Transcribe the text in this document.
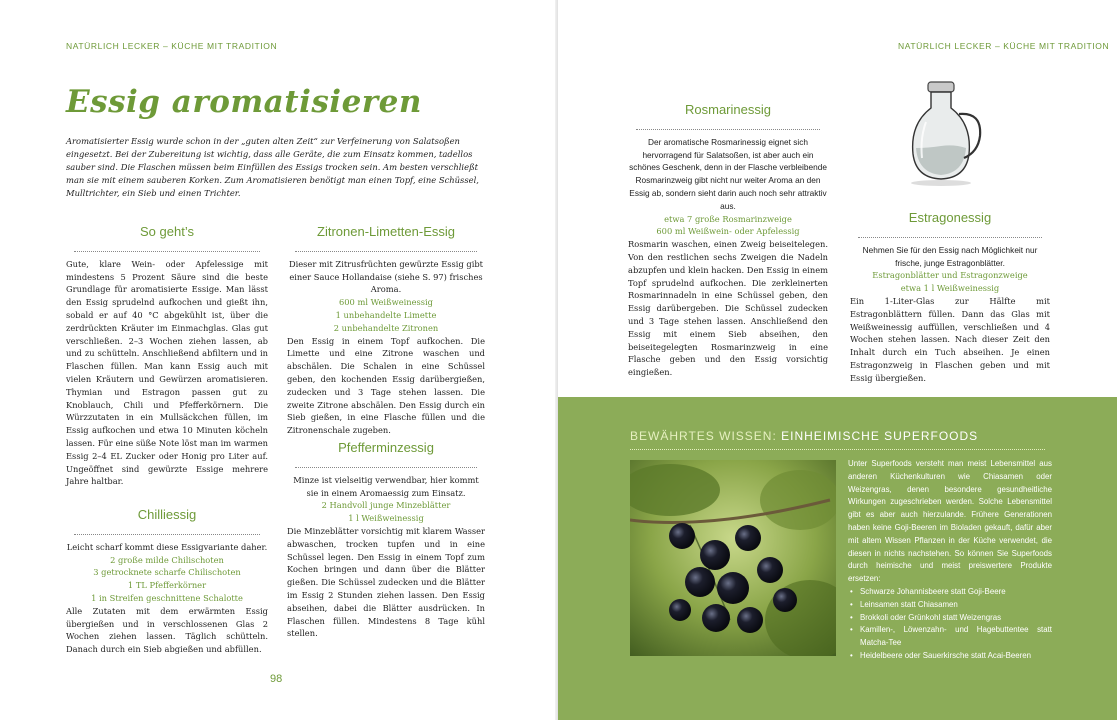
NATÜRLICH LECKER – KÜCHE MIT TRADITION
Essig aromatisieren

Aromatisierter Essig wurde schon in der „guten alten Zeit“ zur Verfeinerung von Salatsoßen eingesetzt. Bei der Zubereitung ist wichtig, dass alle Geräte, die zum Einsatz kommen, tadellos sauber sind. Die Flaschen müssen beim Einfüllen des Essigs trocken sein. Am besten verschließt man sie mit einem sauberen Korken. Zum Aromatisieren benötigt man einen Topf, eine Schüssel, Mulltrichter, ein Sieb und einen Trichter.

So geht’s

Gute, klare Wein- oder Apfelessige mit mindestens 5 Prozent Säure sind die beste Grundlage für aromatisierte Essige. Man lässt den Essig sprudelnd aufkochen und gießt ihn, sobald er auf 40 °C abgekühlt ist, über die zerdrückten Kräuter im Einmachglas. Glas gut verschließen. 2–3 Wochen ziehen lassen, ab und zu schütteln. Anschließend abfiltern und in Flaschen füllen. Man kann Essig auch mit vielen Kräutern und Gewürzen aromatisieren. Thymian und Estragon passen gut zu Knoblauch, Chili und Pfefferkörnern. Die Würzzutaten in ein Mullsäckchen füllen, im Essig aufkochen und etwa 10 Minuten köcheln lassen. Für eine süße Note löst man im warmen Essig 2–4 EL Zucker oder Honig pro Liter auf. Ungeöffnet sind gewürzte Essige mehrere Jahre haltbar.

Chilliessig

Leicht scharf kommt diese Essigvariante daher.

2 große milde Chilischoten
3 getrocknete scharfe Chilischoten
1 TL Pfefferkörner
1 in Streifen geschnittene Schalotte

Alle Zutaten mit dem erwärmten Essig übergießen und in verschlossenen Glas 2 Wochen ziehen lassen. Täglich schütteln. Danach durch ein Sieb abgießen und abfüllen.

Zitronen-Limetten-Essig

Dieser mit Zitrusfrüchten gewürzte Essig gibt einer Sauce Hollandaise (siehe S. 97) frisches Aroma.

600 ml Weißweinessig
1 unbehandelte Limette
2 unbehandelte Zitronen

Den Essig in einem Topf aufkochen. Die Limette und eine Zitrone waschen und abschälen. Die Schalen in eine Schüssel geben, den kochenden Essig darübergießen, zudecken und 3 Tage stehen lassen. Die zweite Zitrone abschälen. Den Essig durch ein Sieb gießen, in eine Flasche füllen und die Zitronenschale zugeben.

Pfefferminzessig

Minze ist vielseitig verwendbar, hier kommt sie in einem Aromaessig zum Einsatz.

2 Handvoll junge Minzeblätter
1 l Weißweinessig

Die Minzeblätter vorsichtig mit klarem Wasser abwaschen, trocken tupfen und in eine Schüssel legen. Den Essig in einem Topf zum Kochen bringen und dann über die Blätter gießen. Die Schüssel zudecken und die Blätter im Essig 2 Stunden ziehen lassen. Den Essig abseihen, dabei die Blätter ausdrücken. In Flaschen füllen. Mindestens 8 Tage kühl stellen.

98
NATÜRLICH LECKER – KÜCHE MIT TRADITION
Rosmarinessig

Der aromatische Rosmarinessig eignet sich hervorragend für Salatsoßen, ist aber auch ein schönes Geschenk, denn in der Flasche verbleibende Rosmarinzweig gibt nicht nur weiter Aroma an den Essig ab, sondern sieht darin auch noch sehr attraktiv aus.

etwa 7 große Rosmarinzweige
600 ml Weißwein- oder Apfelessig

Rosmarin waschen, einen Zweig beiseitelegen. Von den restlichen sechs Zweigen die Nadeln abzupfen und klein hacken. Den Essig in einem Topf sprudelnd aufkochen. Die zerkleinerten Rosmarinnadeln in eine Schüssel geben, den Essig darübergeben. Die Schüssel zudecken und 3 Tage stehen lassen. Anschließend den Essig mit einem Sieb abseihen, den beiseitegelegten Rosmarinzweig in eine Flasche geben und den Essig vorsichtig eingießen.

Estragonessig

Nehmen Sie für den Essig nach Möglichkeit nur frische, junge Estragonblätter.

Estragonblätter und Estragonzweige
etwa 1 l Weißweinessig

Ein 1-Liter-Glas zur Hälfte mit Estragonblättern füllen. Dann das Glas mit Weißweinessig auffüllen, verschließen und 4 Wochen stehen lassen. Nach dieser Zeit den Inhalt durch ein Tuch abseihen. Je einen Estragonzweig in Flaschen geben und mit Essig übergießen.

BEWÄHRTES WISSEN: EINHEIMISCHE SUPERFOODS

Unter Superfoods versteht man meist Lebensmittel aus anderen Küchenkulturen wie Chiasamen oder Weizengras, denen besondere gesundheitliche Wirkungen zugeschrieben werden. Solche Lebensmittel gibt es aber auch hierzulande. Frühere Generationen haben keine Goji-Beeren im Bioladen gekauft, dafür aber mit altem Wissen Pflanzen in der Küche verwendet, die diesen in nichts nachstehen. So können Sie Superfoods durch heimische und meist preiswertere Produkte ersetzen:

• Schwarze Johannisbeere statt Goji-Beere
• Leinsamen statt Chiasamen
• Brokkoli oder Grünkohl statt Weizengras
• Kamillen-, Löwenzahn- und Hagebuttentee statt Matcha-Tee
• Heidelbeere oder Sauerkirsche statt Acai-Beeren
